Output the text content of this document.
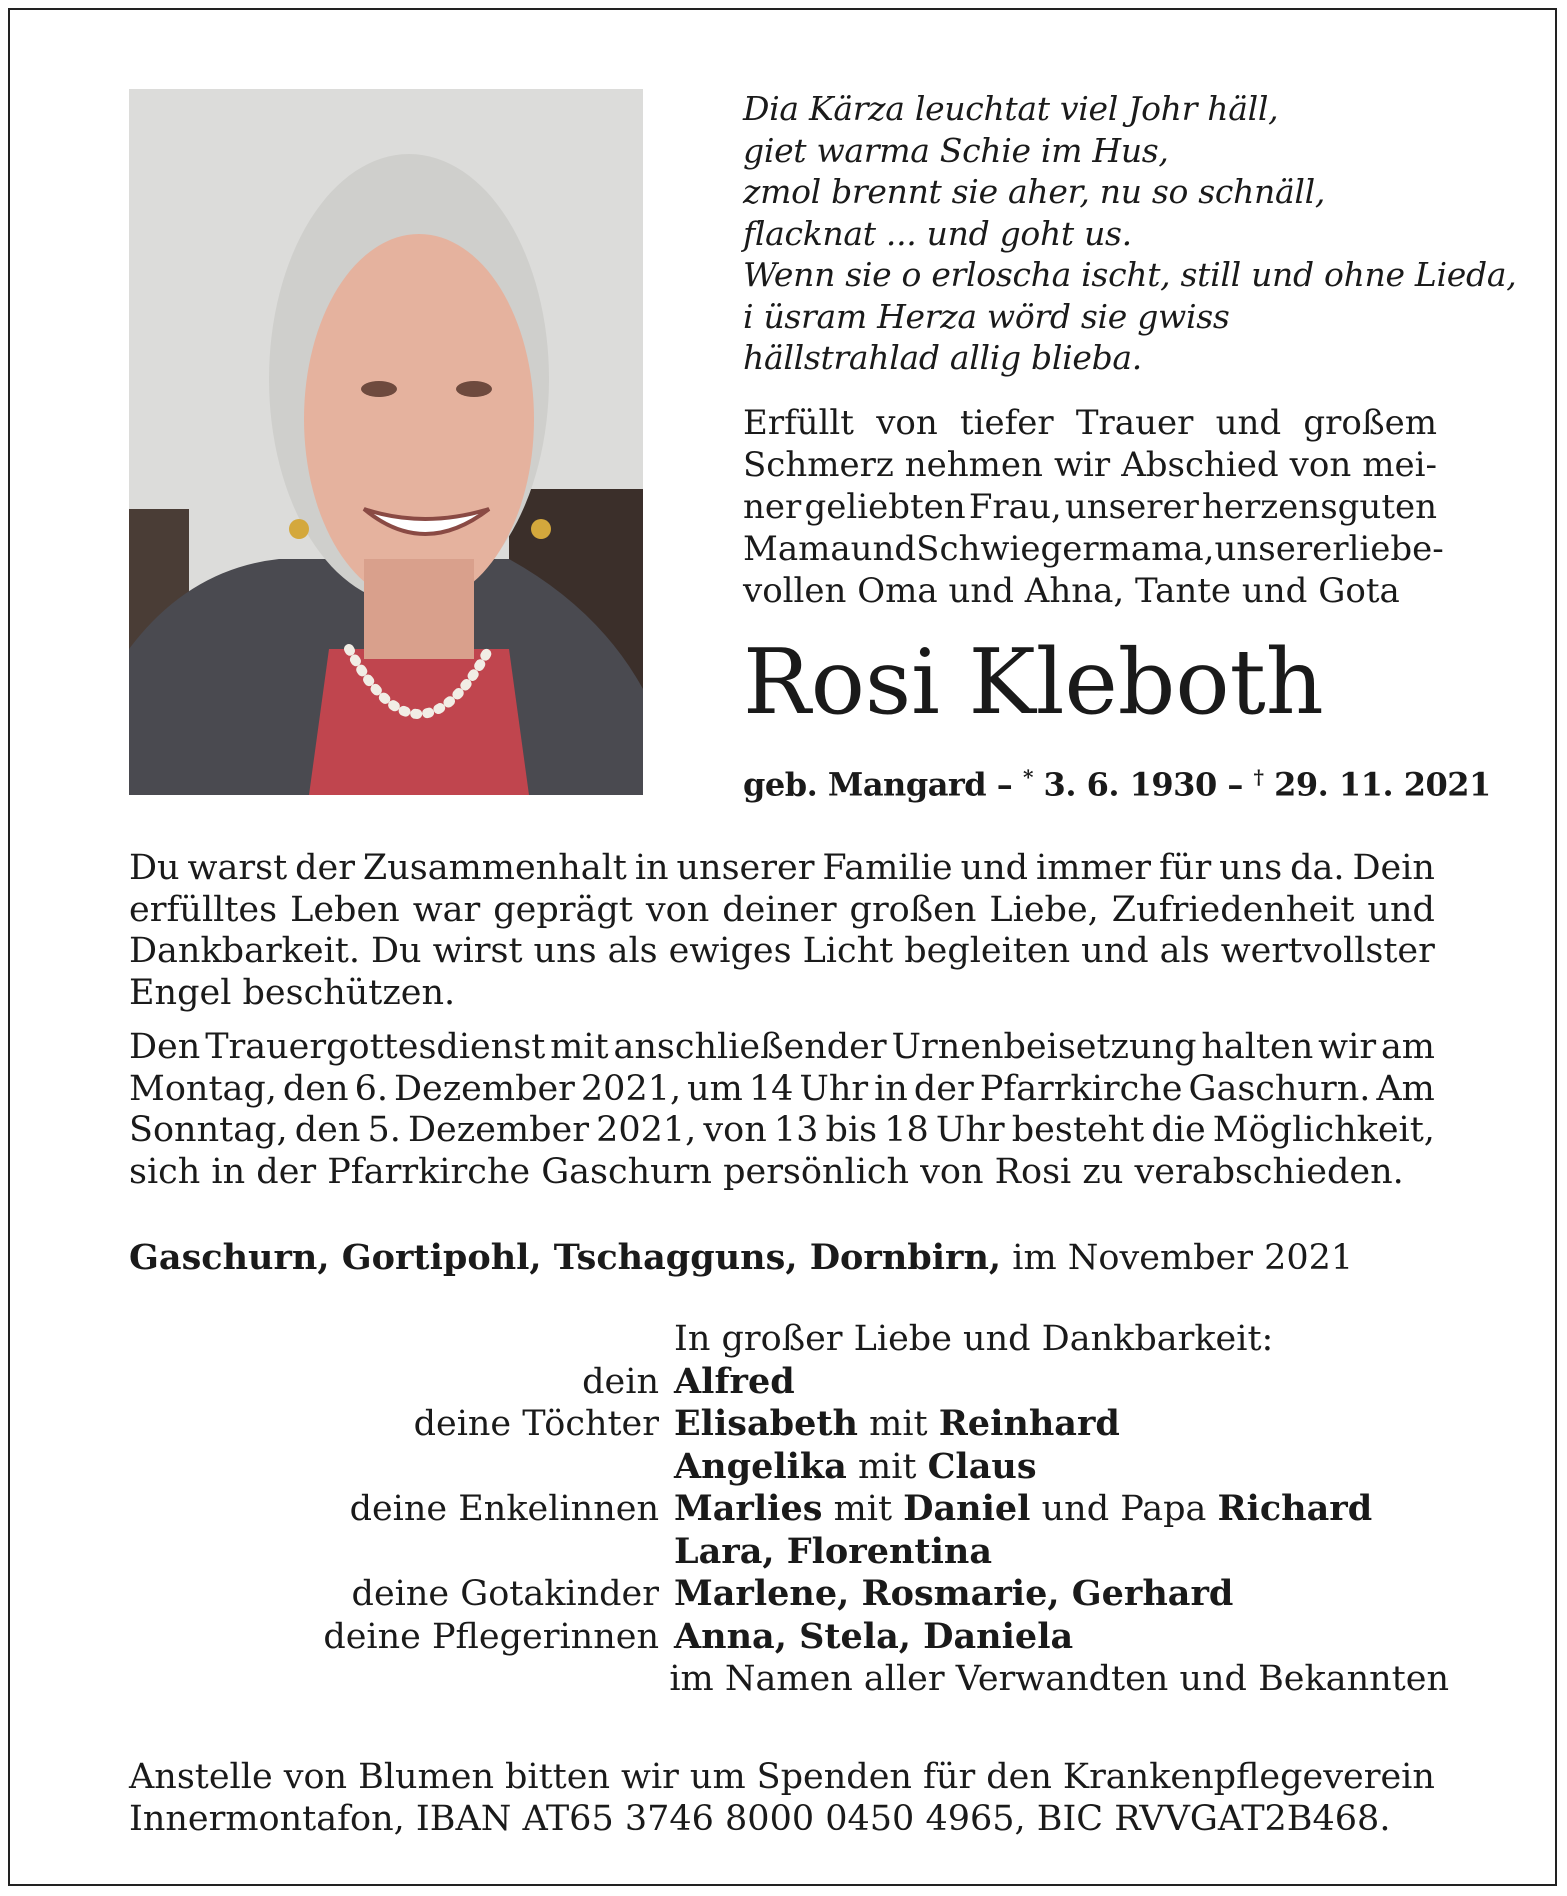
Dia Kärza leuchtat viel Johr häll,
giet warma Schie im Hus,
zmol brennt sie aher, nu so schnäll,
flacknat ... und goht us.
Wenn sie o erloscha ischt, still und ohne Lieda,
i üsram Herza wörd sie gwiss
hällstrahlad allig blieba.
Erfüllt von tiefer Trauer und großem
Schmerz nehmen wir Abschied von mei-
ner geliebten Frau, unserer herzensguten
Mama und Schwiegermama, unserer liebe-
vollen Oma und Ahna, Tante und Gota
Rosi Kleboth
geb. Mangard – * 3. 6. 1930 – † 29. 11. 2021
Du warst der Zusammenhalt in unserer Familie und immer für uns da. Dein
erfülltes Leben war geprägt von deiner großen Liebe, Zufriedenheit und
Dankbarkeit. Du wirst uns als ewiges Licht begleiten und als wertvollster
Engel beschützen.
Den Trauergottesdienst mit anschließender Urnenbeisetzung halten wir am
Montag, den 6. Dezember 2021, um 14 Uhr in der Pfarrkirche Gaschurn. Am
Sonntag, den 5. Dezember 2021, von 13 bis 18 Uhr besteht die Möglichkeit,
sich in der Pfarrkirche Gaschurn persönlich von Rosi zu verabschieden.
Gaschurn, Gortipohl, Tschagguns, Dornbirn, im November 2021
In großer Liebe und Dankbarkeit:
dein Alfred
deine Töchter Elisabeth mit Reinhard
Angelika mit Claus
deine Enkelinnen Marlies mit Daniel und Papa Richard
Lara, Florentina
deine Gotakinder Marlene, Rosmarie, Gerhard
deine Pflegerinnen Anna, Stela, Daniela
im Namen aller Verwandten und Bekannten
Anstelle von Blumen bitten wir um Spenden für den Krankenpflegeverein
Innermontafon, IBAN AT65 3746 8000 0450 4965, BIC RVVGAT2B468.
